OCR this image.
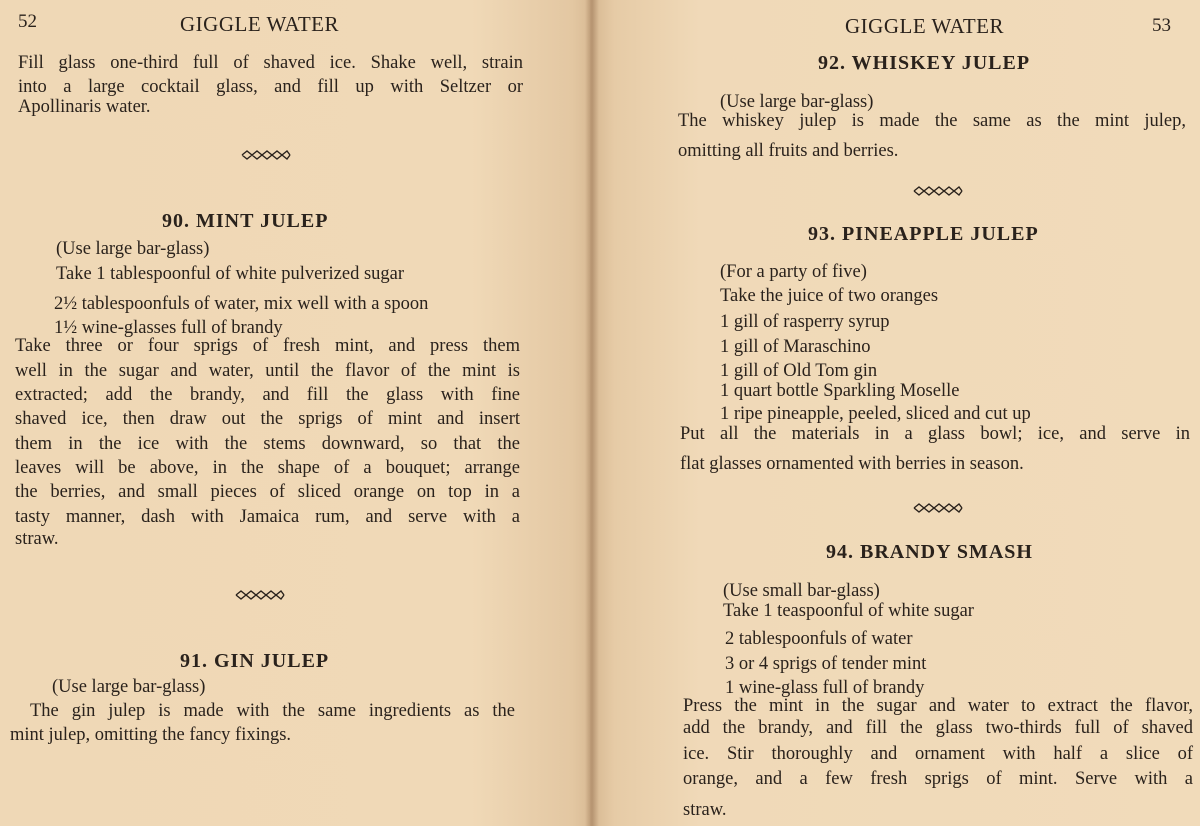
52	GIGGLE WATER
Fill glass one-third full of shaved ice. Shake well, strain
into a large cocktail glass, and fill up with Seltzer or
Apollinaris water.
90. MINT JULEP
(Use large bar-glass)
Take 1 tablespoonful of white pulverized sugar
2½ tablespoonfuls of water, mix well with a spoon
1½ wine-glasses full of brandy
Take three or four sprigs of fresh mint, and press them
well in the sugar and water, until the flavor of the mint is
extracted; add the brandy, and fill the glass with fine
shaved ice, then draw out the sprigs of mint and insert
them in the ice with the stems downward, so that the
leaves will be above, in the shape of a bouquet; arrange
the berries, and small pieces of sliced orange on top in a
tasty manner, dash with Jamaica rum, and serve with a
straw.
91. GIN JULEP
(Use large bar-glass)
The gin julep is made with the same ingredients as the
mint julep, omitting the fancy fixings.
GIGGLE WATER	53
92. WHISKEY JULEP
(Use large bar-glass)
The whiskey julep is made the same as the mint julep,
omitting all fruits and berries.
93. PINEAPPLE JULEP
(For a party of five)
Take the juice of two oranges
1 gill of rasperry syrup
1 gill of Maraschino
1 gill of Old Tom gin
1 quart bottle Sparkling Moselle
1 ripe pineapple, peeled, sliced and cut up
Put all the materials in a glass bowl; ice, and serve in
flat glasses ornamented with berries in season.
94. BRANDY SMASH
(Use small bar-glass)
Take 1 teaspoonful of white sugar
2 tablespoonfuls of water
3 or 4 sprigs of tender mint
1 wine-glass full of brandy
Press the mint in the sugar and water to extract the flavor,
add the brandy, and fill the glass two-thirds full of shaved
ice. Stir thoroughly and ornament with half a slice of
orange, and a few fresh sprigs of mint. Serve with a
straw.
